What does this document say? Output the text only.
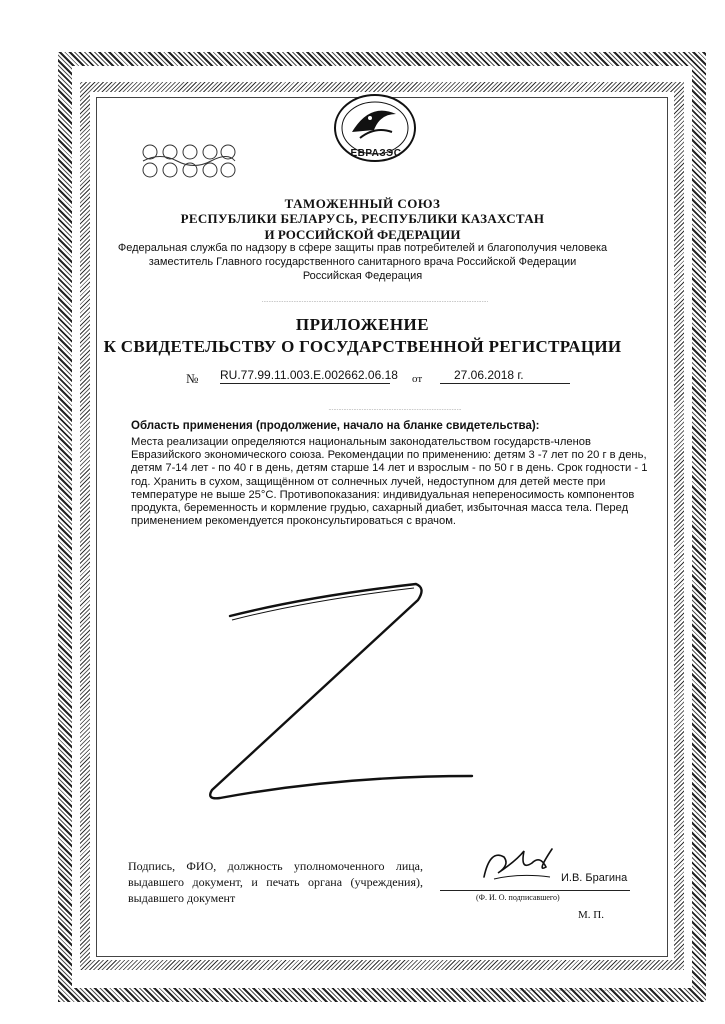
ЕВРАЗЭС
ТАМОЖЕННЫЙ СОЮЗ
РЕСПУБЛИКИ БЕЛАРУСЬ, РЕСПУБЛИКИ КАЗАХСТАН
И РОССИЙСКОЙ ФЕДЕРАЦИИ
Федеральная служба по надзору в сфере защиты прав потребителей и благополучия человека
заместитель Главного государственного санитарного врача Российской Федерации
Российская Федерация
········································································································································
ПРИЛОЖЕНИЕ
К СВИДЕТЕЛЬСТВУ О ГОСУДАРСТВЕННОЙ РЕГИСТРАЦИИ
№ RU.77.99.11.003.E.002662.06.18 от	27.06.2018 г.
················································································
Область применения (продолжение, начало на бланке свидетельства):
Места реализации определяются национальным законодательством государств-членов Евразийского экономического союза. Рекомендации по применению: детям 3 -7 лет по 20 г в день, детям 7-14 лет - по 40 г в день, детям старше 14 лет и взрослым - по 50 г в день. Срок годности - 1 год. Хранить в сухом, защищённом от солнечных лучей, недоступном для детей месте при температуре не выше 25°С. Противопоказания: индивидуальная непереносимость компонентов продукта, беременность и кормление грудью, сахарный диабет, избыточная масса тела. Перед применением рекомендуется проконсультироваться с врачом.
Подпись, ФИО, должность уполномоченного лица, выдавшего документ, и печать органа (учреждения), выдавшего документ
И.В. Брагина
(Ф. И. О. подписавшего)
М. П.
·······································································
